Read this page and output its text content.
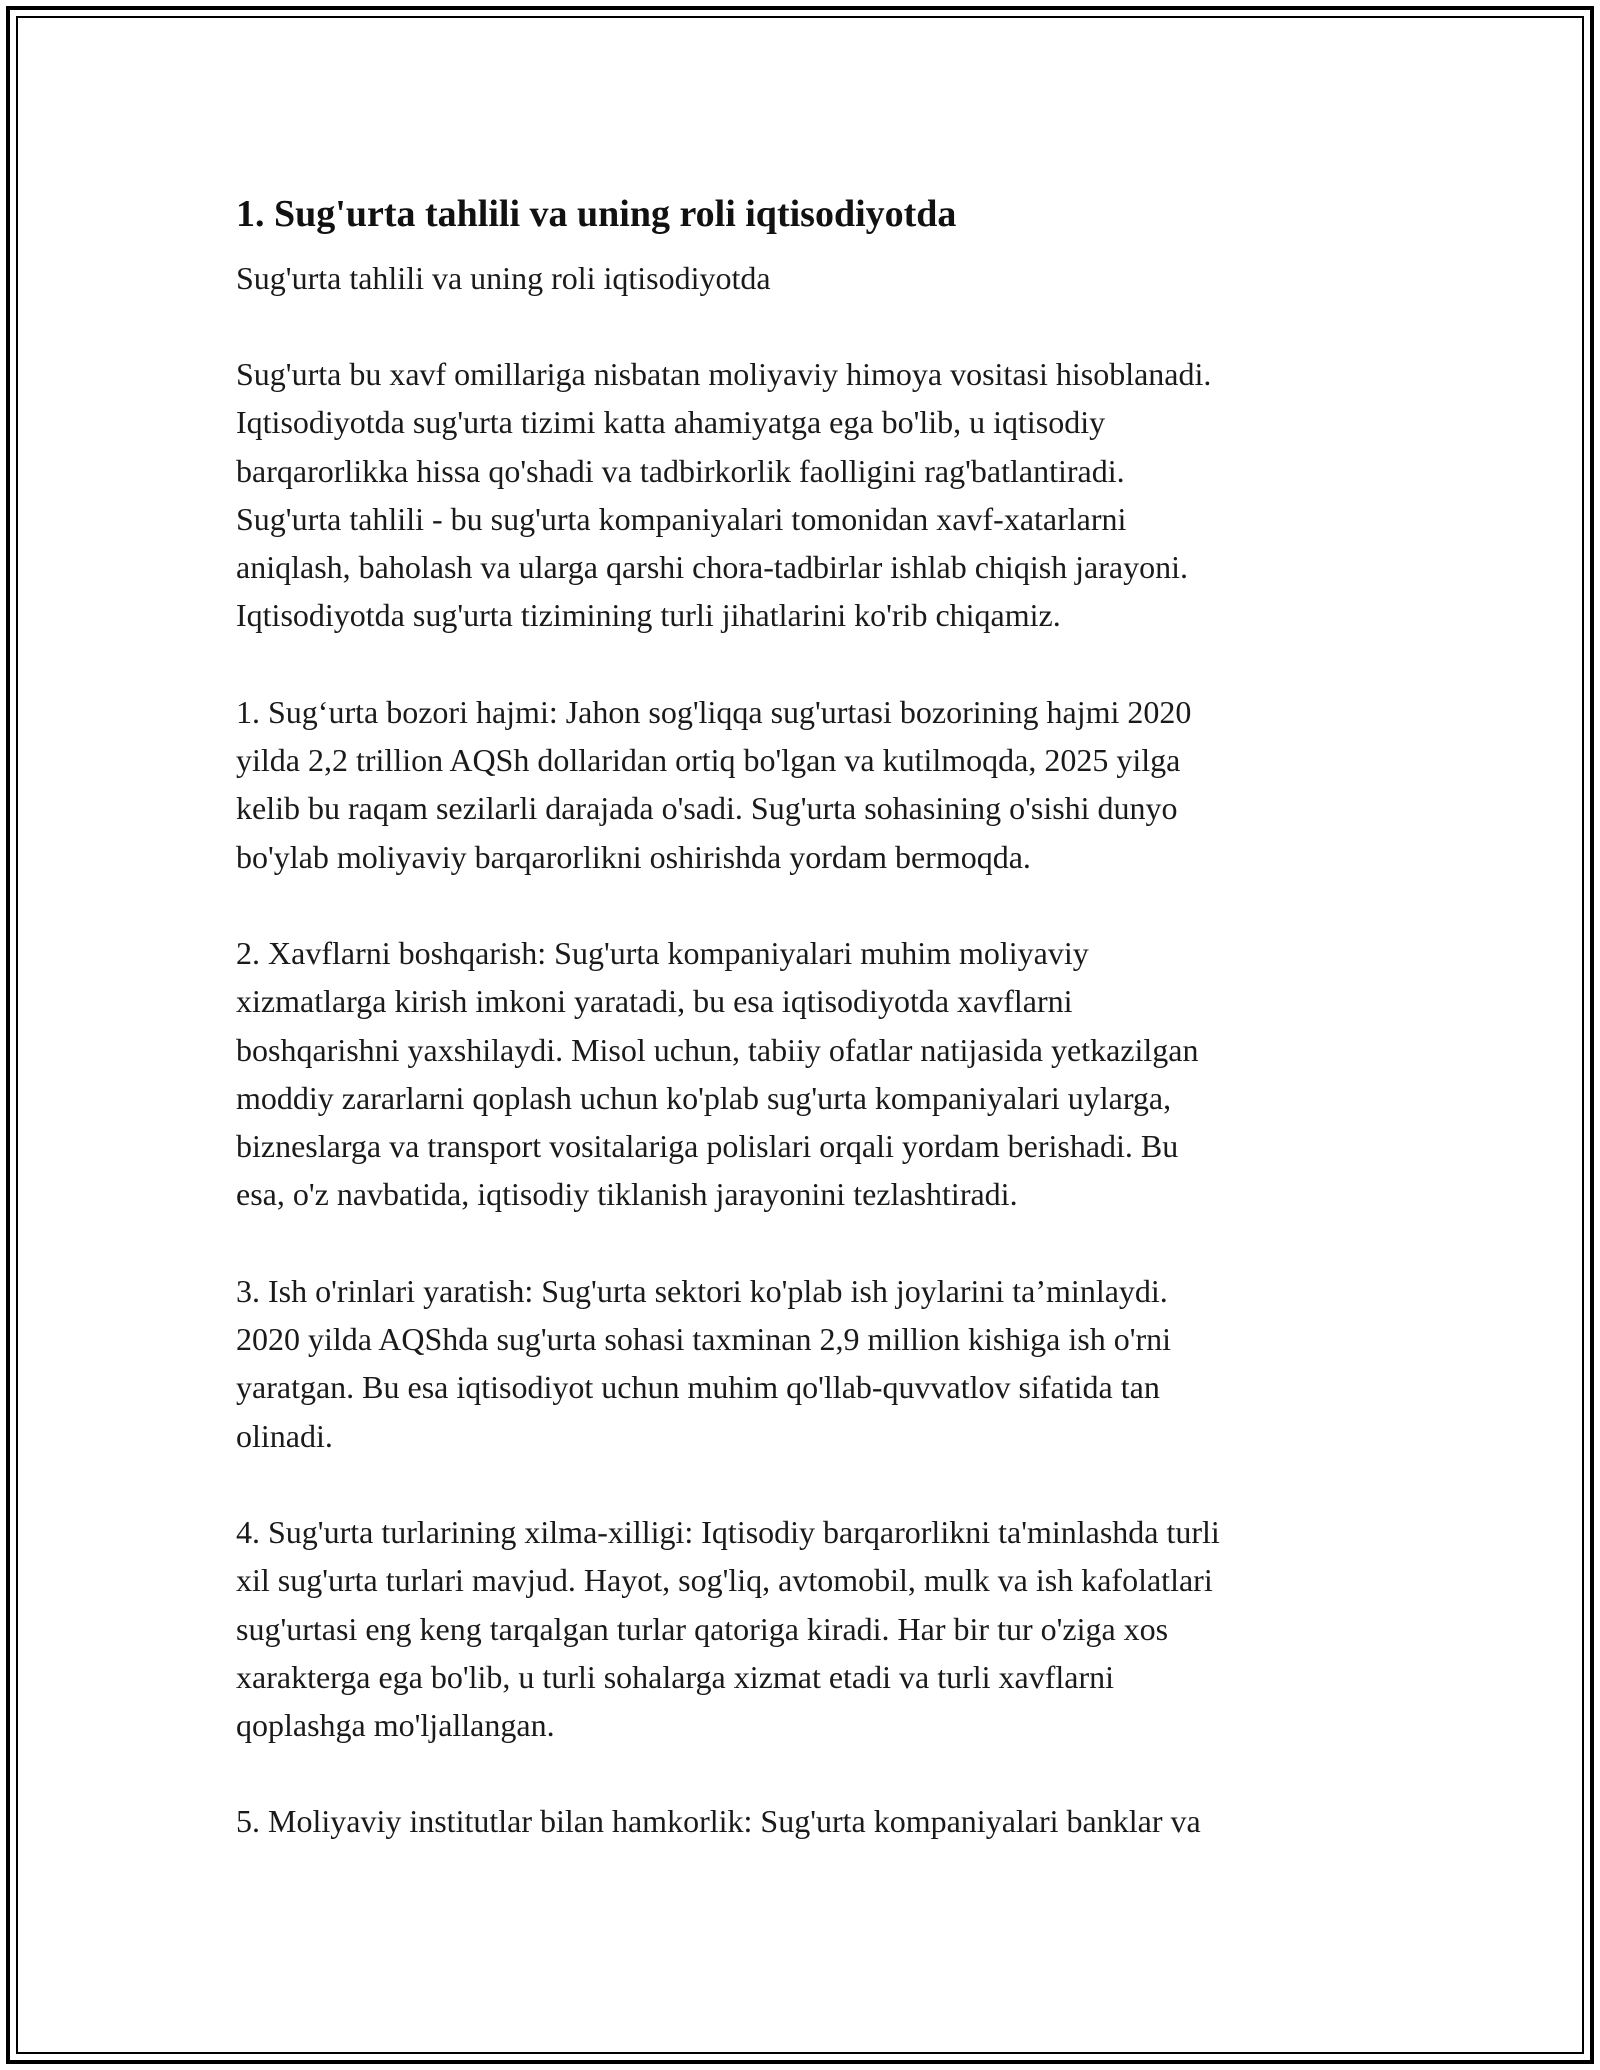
1. Sug'urta tahlili va uning roli iqtisodiyotda

Sug'urta tahlili va uning roli iqtisodiyotda

Sug'urta bu xavf omillariga nisbatan moliyaviy himoya vositasi hisoblanadi.
Iqtisodiyotda sug'urta tizimi katta ahamiyatga ega bo'lib, u iqtisodiy
barqarorlikka hissa qo'shadi va tadbirkorlik faolligini rag'batlantiradi.
Sug'urta tahlili - bu sug'urta kompaniyalari tomonidan xavf-xatarlarni
aniqlash, baholash va ularga qarshi chora-tadbirlar ishlab chiqish jarayoni.
Iqtisodiyotda sug'urta tizimining turli jihatlarini ko'rib chiqamiz.

1. Sug‘urta bozori hajmi: Jahon sog'liqqa sug'urtasi bozorining hajmi 2020
yilda 2,2 trillion AQSh dollaridan ortiq bo'lgan va kutilmoqda, 2025 yilga
kelib bu raqam sezilarli darajada o'sadi. Sug'urta sohasining o'sishi dunyo
bo'ylab moliyaviy barqarorlikni oshirishda yordam bermoqda.

2. Xavflarni boshqarish: Sug'urta kompaniyalari muhim moliyaviy
xizmatlarga kirish imkoni yaratadi, bu esa iqtisodiyotda xavflarni
boshqarishni yaxshilaydi. Misol uchun, tabiiy ofatlar natijasida yetkazilgan
moddiy zararlarni qoplash uchun ko'plab sug'urta kompaniyalari uylarga,
bizneslarga va transport vositalariga polislari orqali yordam berishadi. Bu
esa, o'z navbatida, iqtisodiy tiklanish jarayonini tezlashtiradi.

3. Ish o'rinlari yaratish: Sug'urta sektori ko'plab ish joylarini ta’minlaydi.
2020 yilda AQShda sug'urta sohasi taxminan 2,9 million kishiga ish o'rni
yaratgan. Bu esa iqtisodiyot uchun muhim qo'llab-quvvatlov sifatida tan
olinadi.

4. Sug'urta turlarining xilma-xilligi: Iqtisodiy barqarorlikni ta'minlashda turli
xil sug'urta turlari mavjud. Hayot, sog'liq, avtomobil, mulk va ish kafolatlari
sug'urtasi eng keng tarqalgan turlar qatoriga kiradi. Har bir tur o'ziga xos
xarakterga ega bo'lib, u turli sohalarga xizmat etadi va turli xavflarni
qoplashga mo'ljallangan.

5. Moliyaviy institutlar bilan hamkorlik: Sug'urta kompaniyalari banklar va
